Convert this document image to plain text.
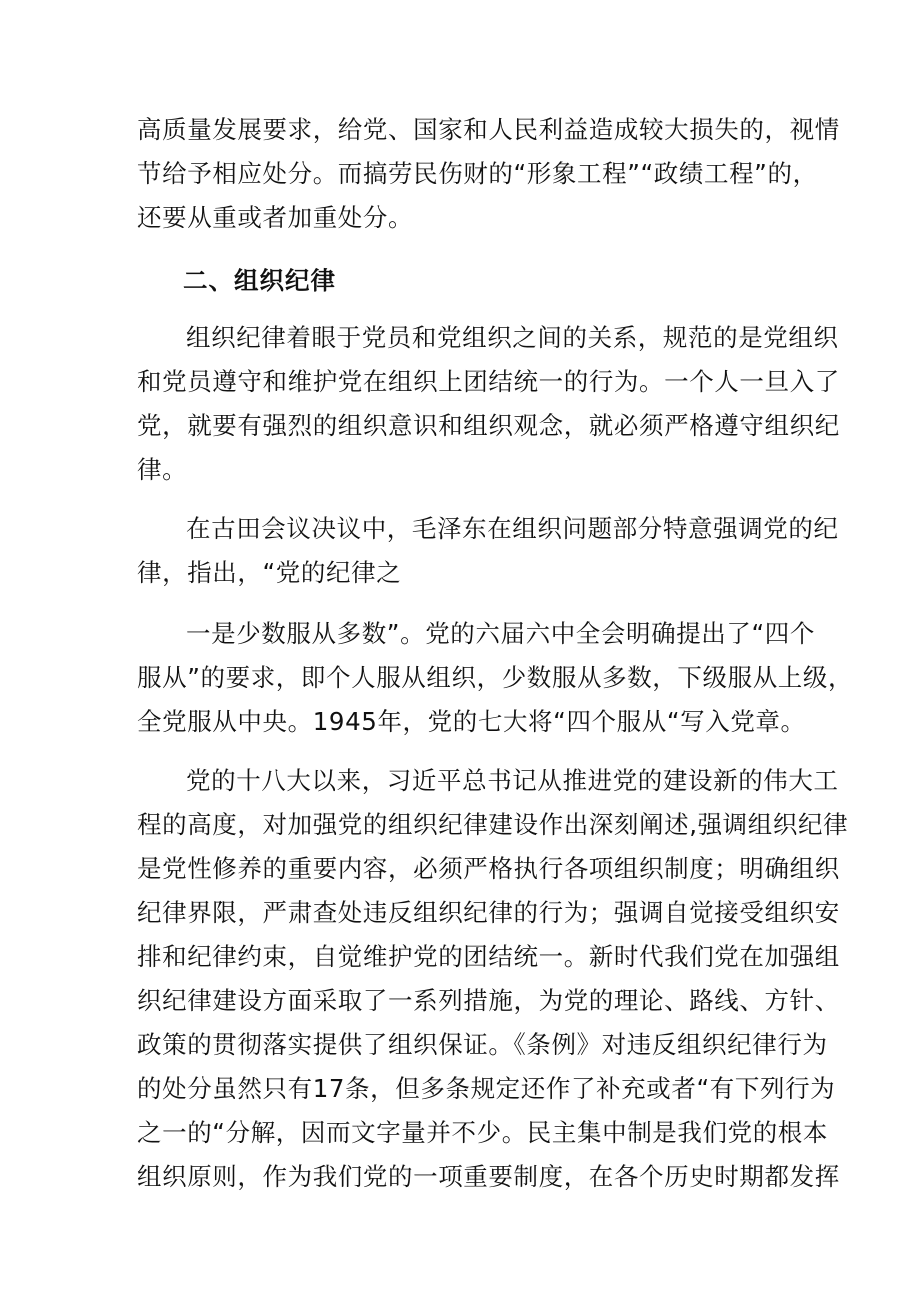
高质量发展要求，给党、国家和人民利益造成较大损失的，视情
节给予相应处分。而搞劳民伤财的“形象工程”“政绩工程”的，
还要从重或者加重处分。
二、组织纪律
组织纪律着眼于党员和党组织之间的关系，规范的是党组织
和党员遵守和维护党在组织上团结统一的行为。一个人一旦入了
党，就要有强烈的组织意识和组织观念，就必须严格遵守组织纪
律。
在古田会议决议中，毛泽东在组织问题部分特意强调党的纪
律，指出，“党的纪律之
一是少数服从多数”。党的六届六中全会明确提出了“四个
服从”的要求，即个人服从组织，少数服从多数，下级服从上级，
全党服从中央。1945年，党的七大将“四个服从“写入党章。
党的十八大以来，习近平总书记从推进党的建设新的伟大工
程的高度，对加强党的组织纪律建设作出深刻阐述,强调组织纪律
是党性修养的重要内容，必须严格执行各项组织制度；明确组织
纪律界限，严肃查处违反组织纪律的行为；强调自觉接受组织安
排和纪律约束，自觉维护党的团结统一。新时代我们党在加强组
织纪律建设方面采取了一系列措施，为党的理论、路线、方针、
政策的贯彻落实提供了组织保证。《条例》对违反组织纪律行为
的处分虽然只有17条，但多条规定还作了补充或者“有下列行为
之一的“分解，因而文字量并不少。民主集中制是我们党的根本
组织原则，作为我们党的一项重要制度，在各个历史时期都发挥
